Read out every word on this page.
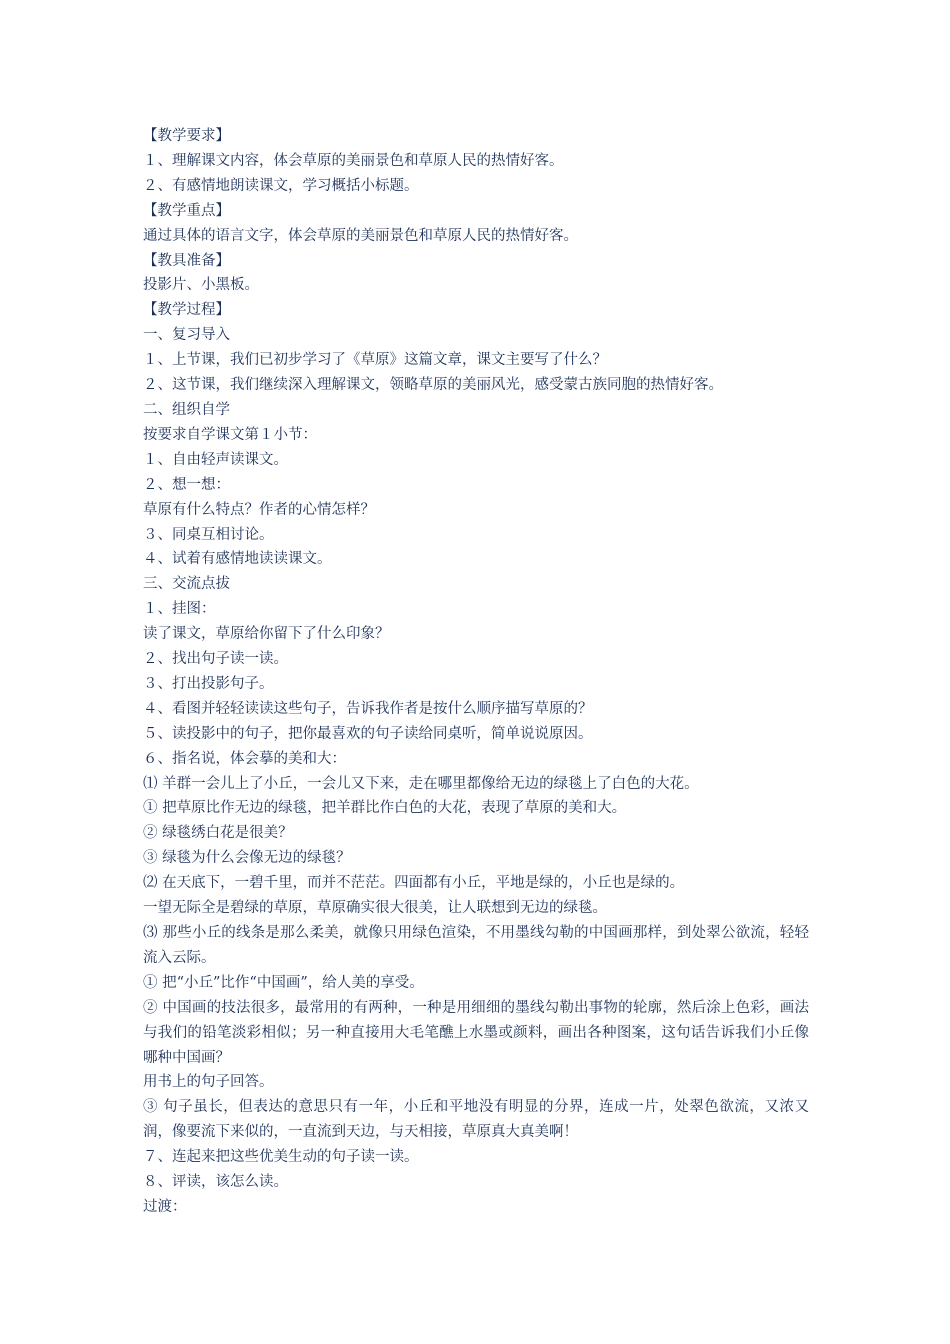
【教学要求】
１、理解课文内容，体会草原的美丽景色和草原人民的热情好客。
２、有感情地朗读课文，学习概括小标题。
【教学重点】
通过具体的语言文字，体会草原的美丽景色和草原人民的热情好客。
【教具准备】
投影片、小黑板。
【教学过程】
一、复习导入
１、上节课，我们已初步学习了《草原》这篇文章，课文主要写了什么？
２、这节课，我们继续深入理解课文，领略草原的美丽风光，感受蒙古族同胞的热情好客。
二、组织自学
按要求自学课文第１小节：
１、自由轻声读课文。
２、想一想：
草原有什么特点？作者的心情怎样？
３、同桌互相讨论。
４、试着有感情地读读课文。
三、交流点拔
１、挂图：
读了课文，草原给你留下了什么印象？
２、找出句子读一读。
３、打出投影句子。
４、看图并轻轻读读这些句子，告诉我作者是按什么顺序描写草原的？
５、读投影中的句子，把你最喜欢的句子读给同桌听，简单说说原因。
６、指名说，体会摹的美和大：
⑴ 羊群一会儿上了小丘，一会儿又下来，走在哪里都像给无边的绿毯上了白色的大花。
① 把草原比作无边的绿毯，把羊群比作白色的大花，表现了草原的美和大。
② 绿毯绣白花是很美？
③ 绿毯为什么会像无边的绿毯？
⑵ 在天底下，一碧千里，而并不茫茫。四面都有小丘，平地是绿的，小丘也是绿的。
一望无际全是碧绿的草原，草原确实很大很美，让人联想到无边的绿毯。
⑶ 那些小丘的线条是那么柔美，就像只用绿色渲染，不用墨线勾勒的中国画那样，到处翠公欲流，轻轻流入云际。
① 把“小丘”比作“中国画”，给人美的享受。
② 中国画的技法很多，最常用的有两种，一种是用细细的墨线勾勒出事物的轮廓，然后涂上色彩，画法与我们的铅笔淡彩相似；另一种直接用大毛笔醮上水墨或颜料，画出各种图案，这句话告诉我们小丘像哪种中国画？
用书上的句子回答。
③ 句子虽长，但表达的意思只有一年，小丘和平地没有明显的分界，连成一片，处翠色欲流，又浓又润，像要流下来似的，一直流到天边，与天相接，草原真大真美啊！
７、连起来把这些优美生动的句子读一读。
８、评读，该怎么读。
过渡：
